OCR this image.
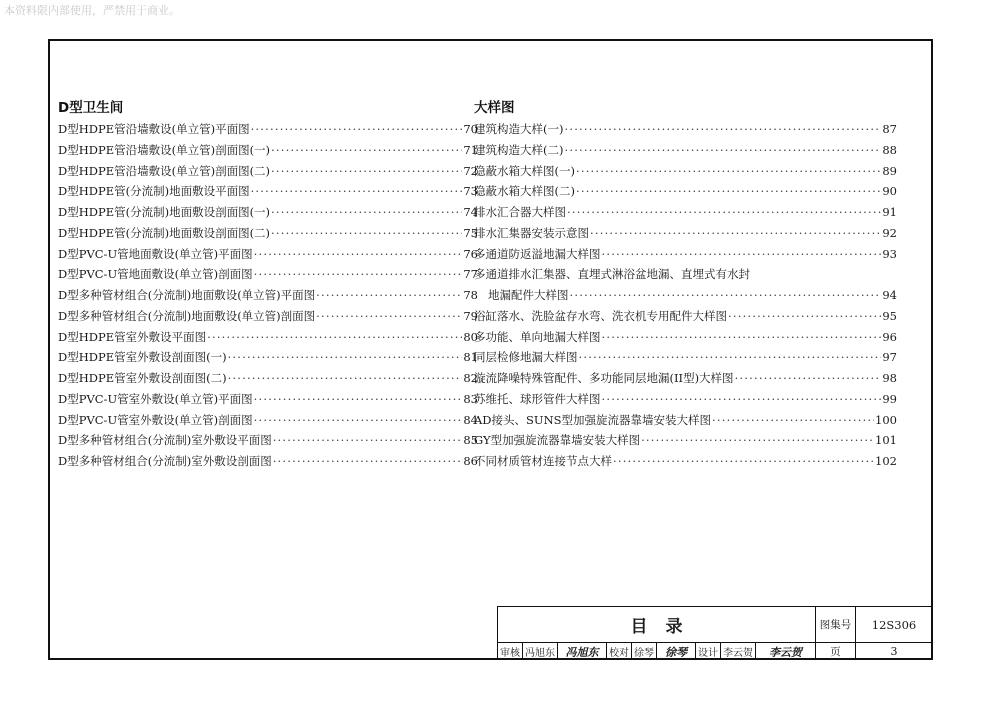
本资料限内部使用，严禁用于商业。
D型卫生间
D型HDPE管沿墙敷设(单立管)平面图 ·····	70
D型HDPE管沿墙敷设(单立管)剖面图(一) ·····	71
D型HDPE管沿墙敷设(单立管)剖面图(二) ·····	72
D型HDPE管(分流制)地面敷设平面图 ·····	73
D型HDPE管(分流制)地面敷设剖面图(一) ·····	74
D型HDPE管(分流制)地面敷设剖面图(二) ·····	75
D型PVC-U管地面敷设(单立管)平面图 ·····	76
D型PVC-U管地面敷设(单立管)剖面图 ·····	77
D型多种管材组合(分流制)地面敷设(单立管)平面图 ·····	78
D型多种管材组合(分流制)地面敷设(单立管)剖面图 ·····	79
D型HDPE管室外敷设平面图 ·····	80
D型HDPE管室外敷设剖面图(一) ·····	81
D型HDPE管室外敷设剖面图(二) ·····	82
D型PVC-U管室外敷设(单立管)平面图 ·····	83
D型PVC-U管室外敷设(单立管)剖面图 ·····	84
D型多种管材组合(分流制)室外敷设平面图 ·····	85
D型多种管材组合(分流制)室外敷设剖面图 ·····	86
大样图
建筑构造大样(一) ·····	87
建筑构造大样(二) ·····	88
隐蔽水箱大样图(一) ·····	89
隐蔽水箱大样图(二) ·····	90
排水汇合器大样图 ·····	91
排水汇集器安装示意图 ·····	92
多通道防返溢地漏大样图 ·····	93
多通道排水汇集器、直埋式淋浴盆地漏、直埋式有水封
地漏配件大样图 ·····	94
浴缸落水、洗脸盆存水弯、洗衣机专用配件大样图 ·····	95
多功能、单向地漏大样图 ·····	96
同层检修地漏大样图 ·····	97
漩流降噪特殊管配件、多功能同层地漏(II型)大样图 ·····	98
苏维托、球形管件大样图 ·····	99
AD接头、SUNS型加强旋流器靠墙安装大样图 ·····	100
GY型加强旋流器靠墙安装大样图 ·····	101
不同材质管材连接节点大样 ·····	102
目录	图集号	12S306
审核 冯旭东 冯旭东	校对 徐琴	徐琴	设计 李云贺	李云贺	页	3
